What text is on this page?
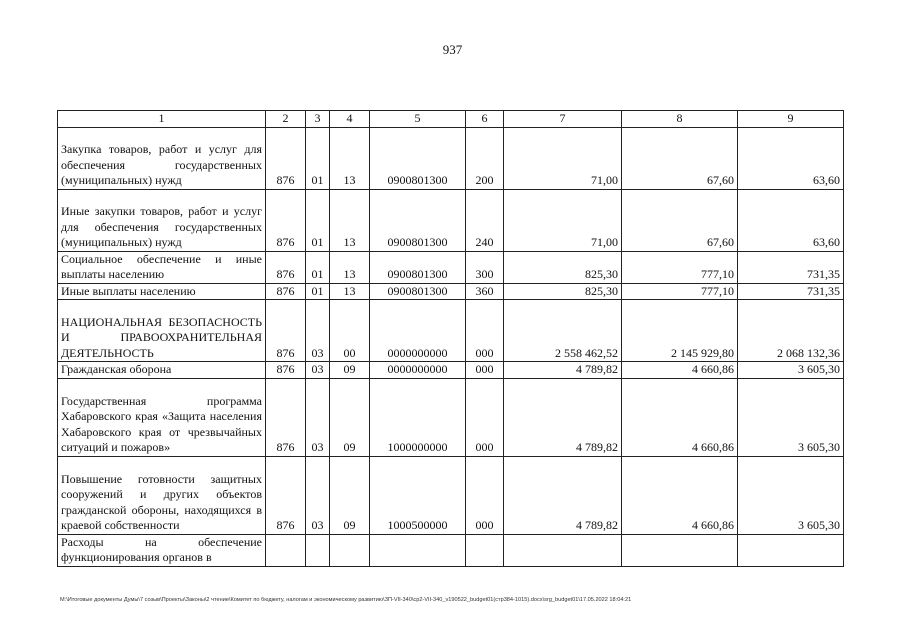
937
1	2	3	4	5	6	7	8	9
Закупка товаров, работ и услуг для обеспечения государственных (муниципальных) нужд	876	01	13	0900801300	200	71,00	67,60	63,60
Иные закупки товаров, работ и услуг для обеспечения государственных (муниципальных) нужд	876	01	13	0900801300	240	71,00	67,60	63,60
Социальное обеспечение и иные выплаты населению	876	01	13	0900801300	300	825,30	777,10	731,35
Иные выплаты населению	876	01	13	0900801300	360	825,30	777,10	731,35
НАЦИОНАЛЬНАЯ БЕЗОПАСНОСТЬ И ПРАВООХРАНИТЕЛЬНАЯ ДЕЯТЕЛЬНОСТЬ	876	03	00	0000000000	000	2 558 462,52	2 145 929,80	2 068 132,36
Гражданская оборона	876	03	09	0000000000	000	4 789,82	4 660,86	3 605,30
Государственная программа Хабаровского края «Защита населения Хабаровского края от чрезвычайных ситуаций и пожаров»	876	03	09	1000000000	000	4 789,82	4 660,86	3 605,30
Повышение готовности защитных сооружений и других объектов гражданской обороны, находящихся в краевой собственности	876	03	09	1000500000	000	4 789,82	4 660,86	3 605,30
Расходы на обеспечение функционирования органов в								
M:\Итоговые документы Думы\7 созыв\Проекты\Законы\2 чтение\Комитет по бюджету, налогам и экономическому развитию\ЗП-VII-340\cp2-VII-340_v190522_budget01(стр384-1015).docx\srg_budget01\17.05.2022 18:04:21
